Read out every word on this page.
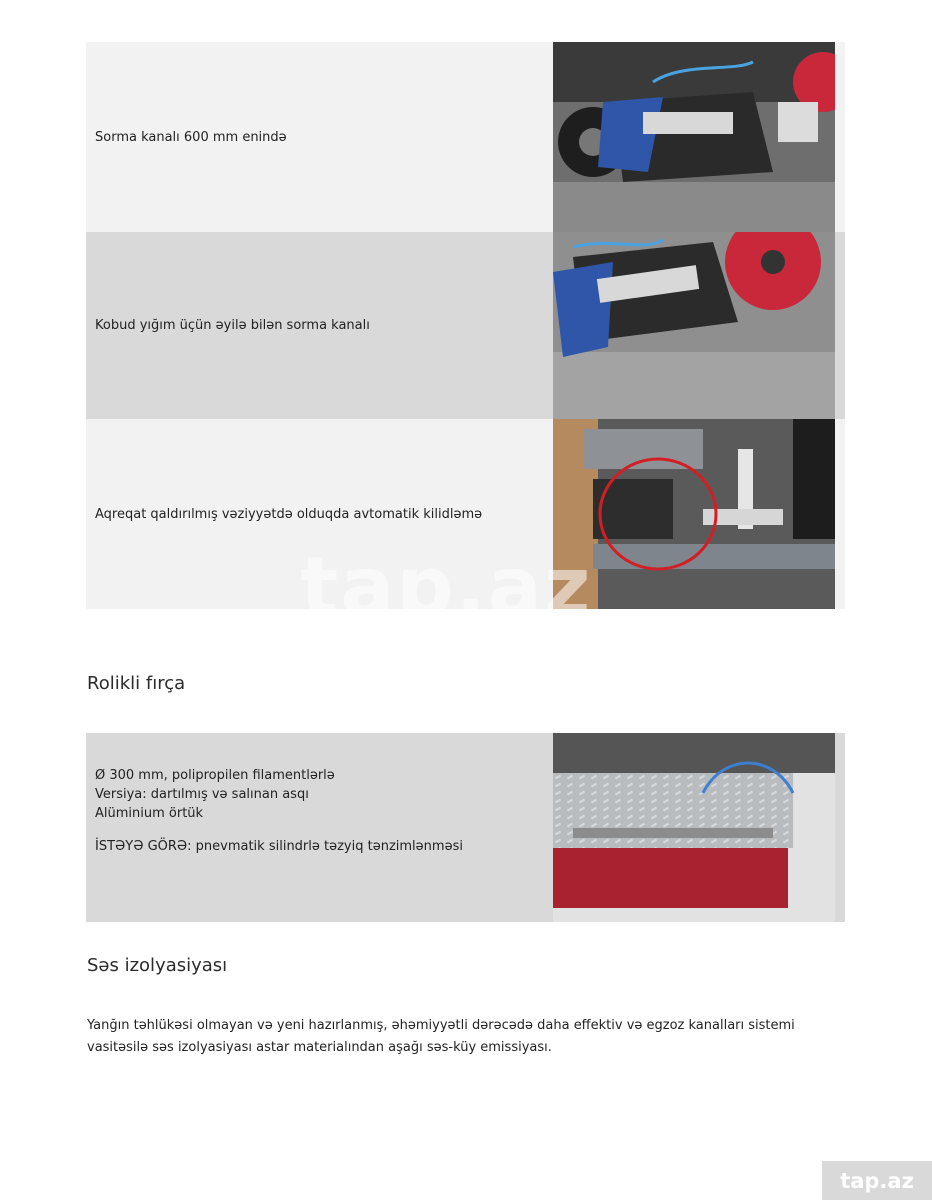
Sorma kanalı 600 mm enində
Kobud yığım üçün əyilə bilən sorma kanalı
Aqreqat qaldırılmış vəziyyətdə olduqda avtomatik kilidləmə
tap.az
Rolikli fırça
Ø 300 mm, polipropilen filamentlərlə
Versiya: dartılmış və salınan asqı
Alüminium örtük
İSTƏYƏ GÖRƏ: pnevmatik silindrlə təzyiq tənzimlənməsi
Səs izolyasiyası

Yanğın təhlükəsi olmayan və yeni hazırlanmış, əhəmiyyətli dərəcədə daha effektiv və egzoz kanalları sistemi vasitəsilə səs izolyasiyası astar materialından aşağı səs-küy emissiyası.

tap.az
